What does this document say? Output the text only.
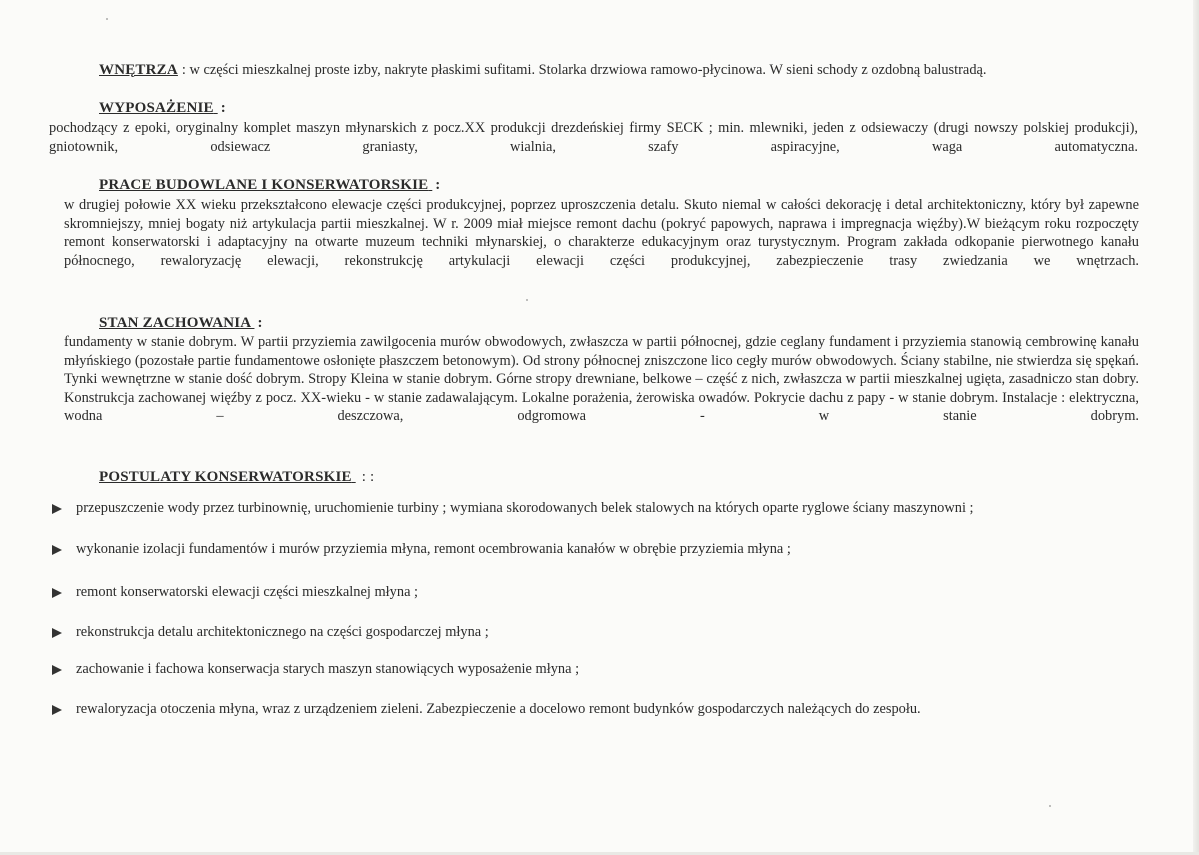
WNĘTRZA : w części mieszkalnej proste izby, nakryte płaskimi sufitami. Stolarka drzwiowa ramowo-płycinowa. W sieni schody z ozdobną balustradą.
WYPOSAŻENIE :
pochodzący z epoki, oryginalny komplet maszyn młynarskich z pocz.XX produkcji drezdeńskiej firmy SECK ; min. mlewniki, jeden z odsiewaczy (drugi nowszy polskiej produkcji), gniotownik, odsiewacz graniasty, wialnia, szafy aspiracyjne, waga automatyczna.
PRACE BUDOWLANE I KONSERWATORSKIE :
w drugiej połowie XX wieku przekształcono elewacje części produkcyjnej, poprzez uproszczenia detalu. Skuto niemal w całości dekorację i detal architektoniczny, który był zapewne skromniejszy, mniej bogaty niż artykulacja partii mieszkalnej. W r. 2009 miał miejsce remont dachu (pokryć papowych, naprawa i impregnacja więźby).W bieżącym roku rozpoczęty remont konserwatorski i adaptacyjny na otwarte muzeum techniki młynarskiej, o charakterze edukacyjnym oraz turystycznym. Program zakłada odkopanie pierwotnego kanału północnego, rewaloryzację elewacji, rekonstrukcję artykulacji elewacji części produkcyjnej, zabezpieczenie trasy zwiedzania we wnętrzach.
STAN ZACHOWANIA :
fundamenty w stanie dobrym. W partii przyziemia zawilgocenia murów obwodowych, zwłaszcza w partii północnej, gdzie ceglany fundament i przyziemia stanowią cembrowinę kanału młyńskiego (pozostałe partie fundamentowe osłonięte płaszczem betonowym). Od strony północnej zniszczone lico cegły murów obwodowych. Ściany stabilne, nie stwierdza się spękań. Tynki wewnętrzne w stanie dość dobrym. Stropy Kleina w stanie dobrym. Górne stropy drewniane, belkowe – część z nich, zwłaszcza w partii mieszkalnej ugięta, zasadniczo stan dobry. Konstrukcja zachowanej więźby z pocz. XX-wieku - w stanie zadawalającym. Lokalne porażenia, żerowiska owadów. Pokrycie dachu z papy - w stanie dobrym. Instalacje : elektryczna, wodna – deszczowa, odgromowa - w stanie dobrym.
POSTULATY KONSERWATORSKIE : :
przepuszczenie wody przez turbinownię, uruchomienie turbiny ; wymiana skorodowanych belek stalowych na których oparte ryglowe ściany maszynowni ;
wykonanie izolacji fundamentów i murów przyziemia młyna, remont ocembrowania kanałów w obrębie przyziemia młyna ;
remont konserwatorski elewacji części mieszkalnej młyna ;
rekonstrukcja detalu architektonicznego na części gospodarczej młyna ;
zachowanie i fachowa konserwacja starych maszyn stanowiących wyposażenie młyna ;
rewaloryzacja otoczenia młyna, wraz z urządzeniem zieleni. Zabezpieczenie a docelowo remont budynków gospodarczych należących do zespołu.
